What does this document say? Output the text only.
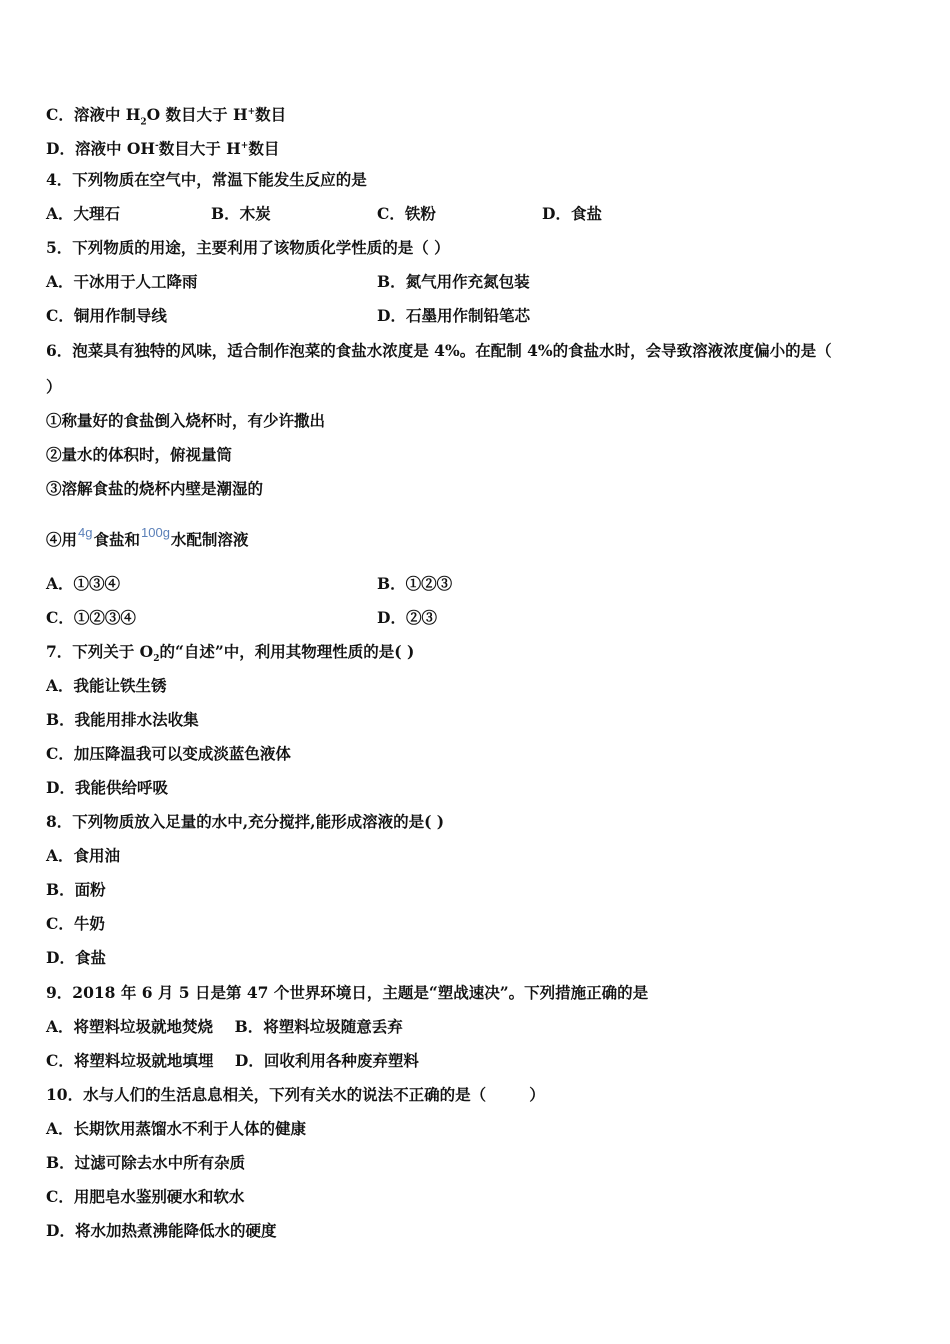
C．溶液中 $H_2O$ 数目大于 H+数目
D．溶液中 OH-数目大于 H+数目
4．下列物质在空气中，常温下能发生反应的是
A．大理石	B．木炭	C．铁粉	D．食盐
5．下列物质的用途，主要利用了该物质化学性质的是（ ）
A．干冰用于人工降雨	B．氮气用作充氮包装
C．铜用作制导线	D．石墨用作制铅笔芯
6．泡菜具有独特的风味，适合制作泡菜的食盐水浓度是 4%。在配制 4%的食盐水时，会导致溶液浓度偏小的是（
）
①称量好的食盐倒入烧杯时，有少许撒出
②量水的体积时，俯视量筒
③溶解食盐的烧杯内壁是潮湿的
④用4g食盐和100g水配制溶液
A．①③④	B．①②③
C．①②③④	D．②③
7．下列关于 $O_2$的“自述”中，利用其物理性质的是( )
A．我能让铁生锈
B．我能用排水法收集
C．加压降温我可以变成淡蓝色液体
D．我能供给呼吸
8．下列物质放入足量的水中,充分搅拌,能形成溶液的是( )
A．食用油
B．面粉
C．牛奶
D．食盐
9．2018 年 6 月 5 日是第 47 个世界环境日，主题是“塑战速决”。下列措施正确的是
A．将塑料垃圾就地焚烧    B．将塑料垃圾随意丢弃
C．将塑料垃圾就地填埋    D．回收利用各种废弃塑料
10．水与人们的生活息息相关，下列有关水的说法不正确的是（        ）
A．长期饮用蒸馏水不利于人体的健康
B．过滤可除去水中所有杂质
C．用肥皂水鉴别硬水和软水
D．将水加热煮沸能降低水的硬度
